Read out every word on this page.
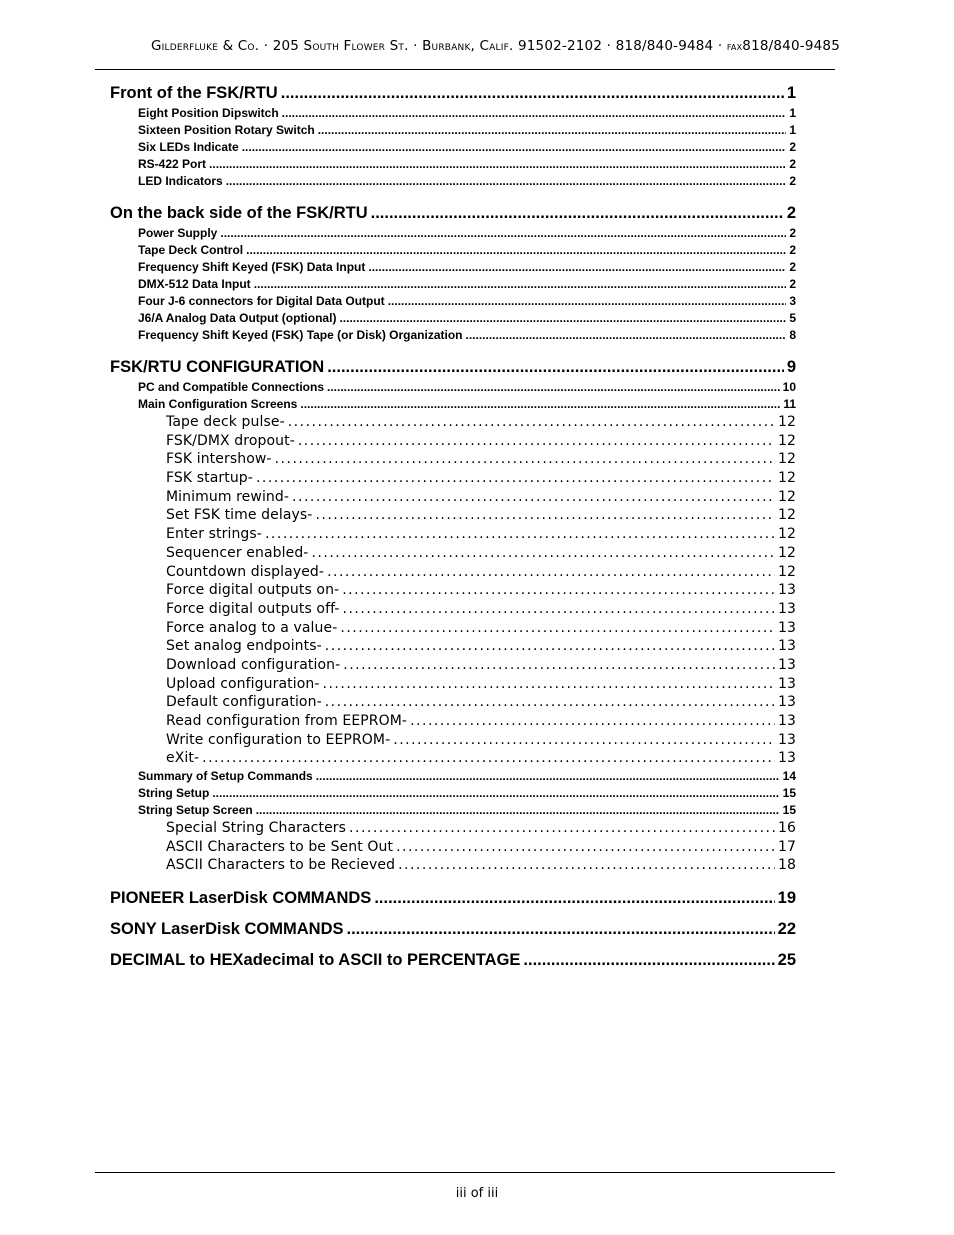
Gilderfluke & Co. · 205 South Flower St. · Burbank, Calif. 91502-2102 · 818/840-9484 · fax818/840-9485
Front of the FSK/RTU .....	1
Eight Position Dipswitch .....	1
Sixteen Position Rotary Switch .....	1
Six LEDs Indicate .....	2
RS-422 Port .....	2
LED Indicators .....	2
On the back side of the FSK/RTU .....	2
Power Supply .....	2
Tape Deck Control .....	2
Frequency Shift Keyed (FSK) Data Input .....	2
DMX-512 Data Input .....	2
Four J-6 connectors for Digital Data Output .....	3
J6/A Analog Data Output (optional) .....	5
Frequency Shift Keyed (FSK) Tape (or Disk) Organization .....	8
FSK/RTU CONFIGURATION .....	9
PC and Compatible Connections .....	10
Main Configuration Screens .....	11
Tape deck pulse- .....	12
FSK/DMX dropout- .....	12
FSK intershow- .....	12
FSK startup- .....	12
Minimum rewind- .....	12
Set FSK time delays- .....	12
Enter strings- .....	12
Sequencer enabled- .....	12
Countdown displayed- .....	12
Force digital outputs on- .....	13
Force digital outputs off- .....	13
Force analog to a value- .....	13
Set analog endpoints- .....	13
Download configuration- .....	13
Upload configuration- .....	13
Default configuration- .....	13
Read configuration from EEPROM- .....	13
Write configuration to EEPROM- .....	13
eXit- .....	13
Summary of Setup Commands .....	14
String Setup .....	15
String Setup Screen .....	15
Special String Characters .....	16
ASCII Characters to be Sent Out .....	17
ASCII Characters to be Recieved .....	18
PIONEER LaserDisk COMMANDS .....	19
SONY LaserDisk COMMANDS .....	22
DECIMAL to HEXadecimal to ASCII to PERCENTAGE .....	25
iii of iii
